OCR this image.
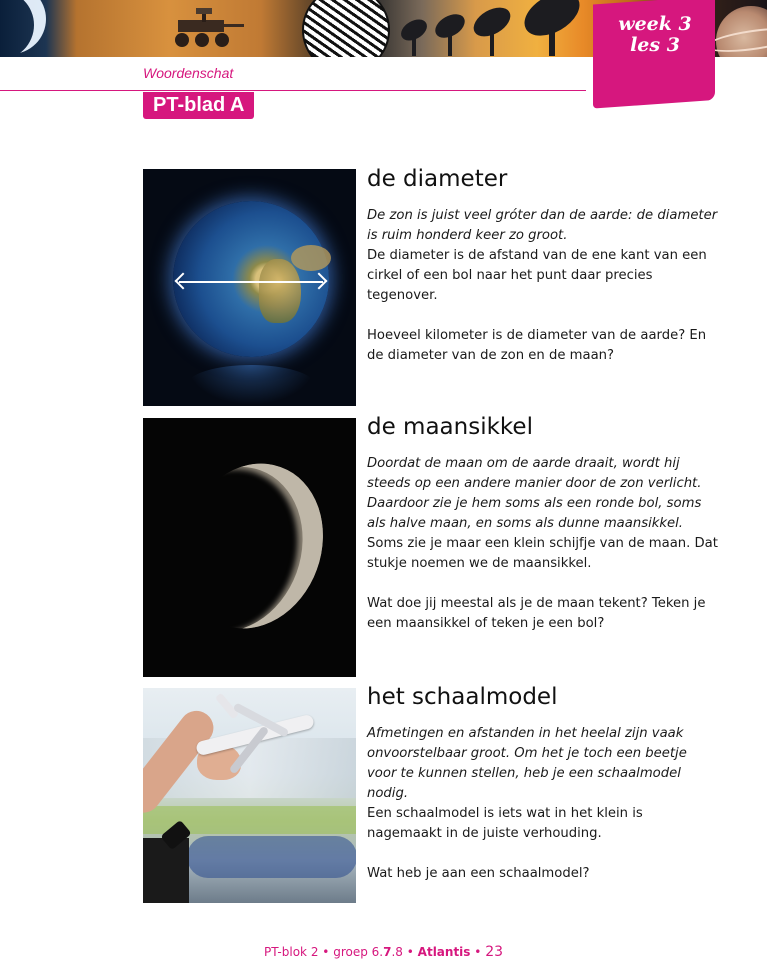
week 3
les 3
Woordenschat
PT-blad A
de diameter

De zon is juist veel gróter dan de aarde: de diameter is ruim honderd keer zo groot.

De diameter is de afstand van de ene kant van een cirkel of een bol naar het punt daar precies tegenover.

Hoeveel kilometer is de diameter van de aarde? En de diameter van de zon en de maan?

de maansikkel

Doordat de maan om de aarde draait, wordt hij steeds op een andere manier door de zon verlicht. Daardoor zie je hem soms als een ronde bol, soms als halve maan, en soms als dunne maansikkel.

Soms zie je maar een klein schijfje van de maan. Dat stukje noemen we de maansikkel.

Wat doe jij meestal als je de maan tekent? Teken je een maansikkel of teken je een bol?

het schaalmodel

Afmetingen en afstanden in het heelal zijn vaak onvoorstelbaar groot. Om het je toch een beetje voor te kunnen stellen, heb je een schaalmodel nodig.

Een schaalmodel is iets wat in het klein is nagemaakt in de juiste verhouding.

Wat heb je aan een schaalmodel?

PT-blok 2 • groep 6.7.8 • Atlantis • 23
